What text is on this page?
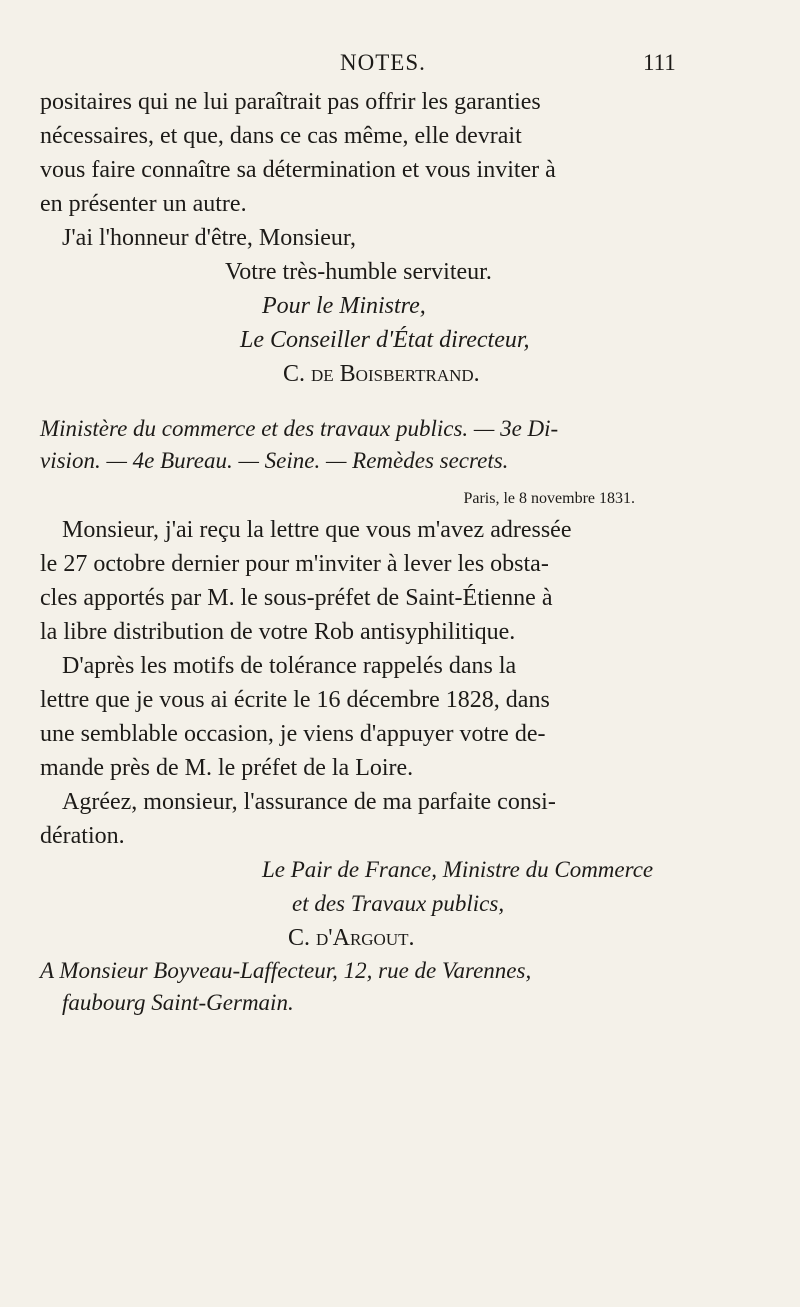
NOTES.	111

positaires qui ne lui paraîtrait pas offrir les garanties
nécessaires, et que, dans ce cas même, elle devrait
vous faire connaître sa détermination et vous inviter à
en présenter un autre.

J'ai l'honneur d'être, Monsieur,
Votre très-humble serviteur.
Pour le Ministre,
Le Conseiller d'État directeur,
C. de Boisbertrand.

Ministère du commerce et des travaux publics. — 3e Di-
vision. — 4e Bureau. — Seine. — Remèdes secrets.

Paris, le 8 novembre 1831.

Monsieur, j'ai reçu la lettre que vous m'avez adressée
le 27 octobre dernier pour m'inviter à lever les obsta-
cles apportés par M. le sous-préfet de Saint-Étienne à
la libre distribution de votre Rob antisyphilitique.

D'après les motifs de tolérance rappelés dans la
lettre que je vous ai écrite le 16 décembre 1828, dans
une semblable occasion, je viens d'appuyer votre de-
mande près de M. le préfet de la Loire.

Agréez, monsieur, l'assurance de ma parfaite consi-
dération.

Le Pair de France, Ministre du Commerce
et des Travaux publics,
C. d'Argout.

A Monsieur Boyveau-Laffecteur, 12, rue de Varennes,
faubourg Saint-Germain.
